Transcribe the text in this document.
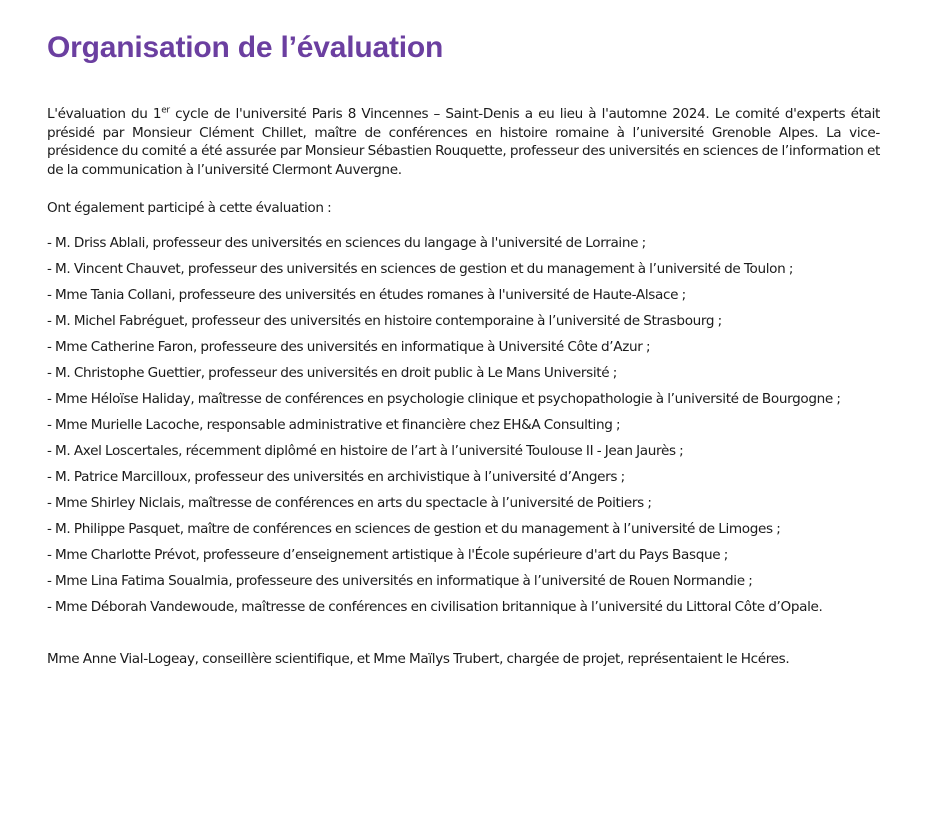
Organisation de l’évaluation

L'évaluation du 1er cycle de l'université Paris 8 Vincennes – Saint-Denis a eu lieu à l'automne 2024. Le comité d'experts était présidé par Monsieur Clément Chillet, maître de conférences en histoire romaine à l’université Grenoble Alpes. La vice-présidence du comité a été assurée par Monsieur Sébastien Rouquette, professeur des universités en sciences de l’information et de la communication à l’université Clermont Auvergne.

Ont également participé à cette évaluation :

- M. Driss Ablali, professeur des universités en sciences du langage à l'université de Lorraine ;
- M. Vincent Chauvet, professeur des universités en sciences de gestion et du management à l’université de Toulon ;
- Mme Tania Collani, professeure des universités en études romanes à l'université de Haute-Alsace ;
- M. Michel Fabréguet, professeur des universités en histoire contemporaine à l’université de Strasbourg ;
- Mme Catherine Faron, professeure des universités en informatique à Université Côte d’Azur ;
- M. Christophe Guettier, professeur des universités en droit public à Le Mans Université ;
- Mme Héloïse Haliday, maîtresse de conférences en psychologie clinique et psychopathologie à l’université de Bourgogne ;
- Mme Murielle Lacoche, responsable administrative et financière chez EH&A Consulting ;
- M. Axel Loscertales, récemment diplômé en histoire de l’art à l’université Toulouse II - Jean Jaurès ;
- M. Patrice Marcilloux, professeur des universités en archivistique à l’université d’Angers ;
- Mme Shirley Niclais, maîtresse de conférences en arts du spectacle à l’université de Poitiers ;
- M. Philippe Pasquet, maître de conférences en sciences de gestion et du management à l’université de Limoges ;
- Mme Charlotte Prévot, professeure d’enseignement artistique à l'École supérieure d'art du Pays Basque ;
- Mme Lina Fatima Soualmia, professeure des universités en informatique à l’université de Rouen Normandie ;
- Mme Déborah Vandewoude, maîtresse de conférences en civilisation britannique à l’université du Littoral Côte d’Opale.

Mme Anne Vial-Logeay, conseillère scientifique, et Mme Maïlys Trubert, chargée de projet, représentaient le Hcéres.
